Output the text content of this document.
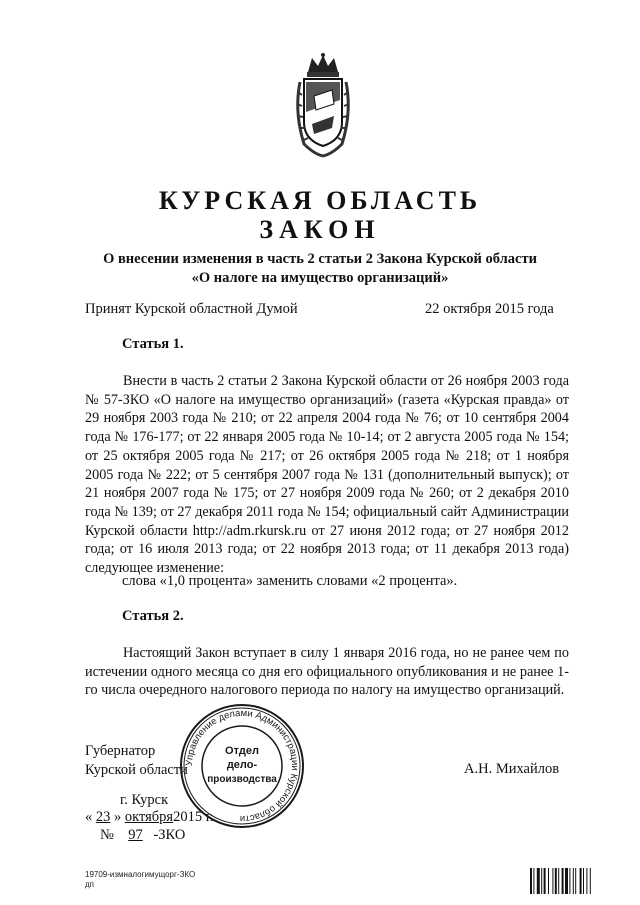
КУРСКАЯ ОБЛАСТЬ
ЗАКОН
О внесении изменения в часть 2 статьи 2 Закона Курской области
«О налоге на имущество организаций»
Принят Курской областной Думой	22 октября 2015 года
Статья 1.
Внести в часть 2 статьи 2 Закона Курской области от 26 ноября 2003 года № 57-ЗКО «О налоге на имущество организаций» (газета «Курская правда» от 29 ноября 2003 года № 210; от 22 апреля 2004 года № 76; от 10 сентября 2004 года № 176-177; от 22 января 2005 года № 10-14; от 2 августа 2005 года № 154; от 25 октября 2005 года № 217; от 26 октября 2005 года № 218; от 1 ноября 2005 года № 222; от 5 сентября 2007 года № 131 (дополнительный выпуск); от 21 ноября 2007 года № 175; от 27 ноября 2009 года № 260; от 2 декабря 2010 года № 139; от 27 декабря 2011 года № 154; официальный сайт Администрации Курской области http://adm.rkursk.ru от 27 июня 2012 года; от 27 ноября 2012 года; от 16 июля 2013 года; от 22 ноября 2013 года; от 11 декабря 2013 года) следующее изменение:
слова «1,0 процента» заменить словами «2 процента».
Статья 2.
Настоящий Закон вступает в силу 1 января 2016 года, но не ранее чем по истечении одного месяца со дня его официального опубликования и не ранее 1-го числа очередного налогового периода по налогу на имущество организаций.
Губернатор
Курской области	А.Н. Михайлов
г. Курск
« 23 » октября2015 г.
№ 97 -ЗКО
Управление делами Администрации Курской области
Отдел
дело-
производства
19709-измналогимущорг-ЗКО
дп
